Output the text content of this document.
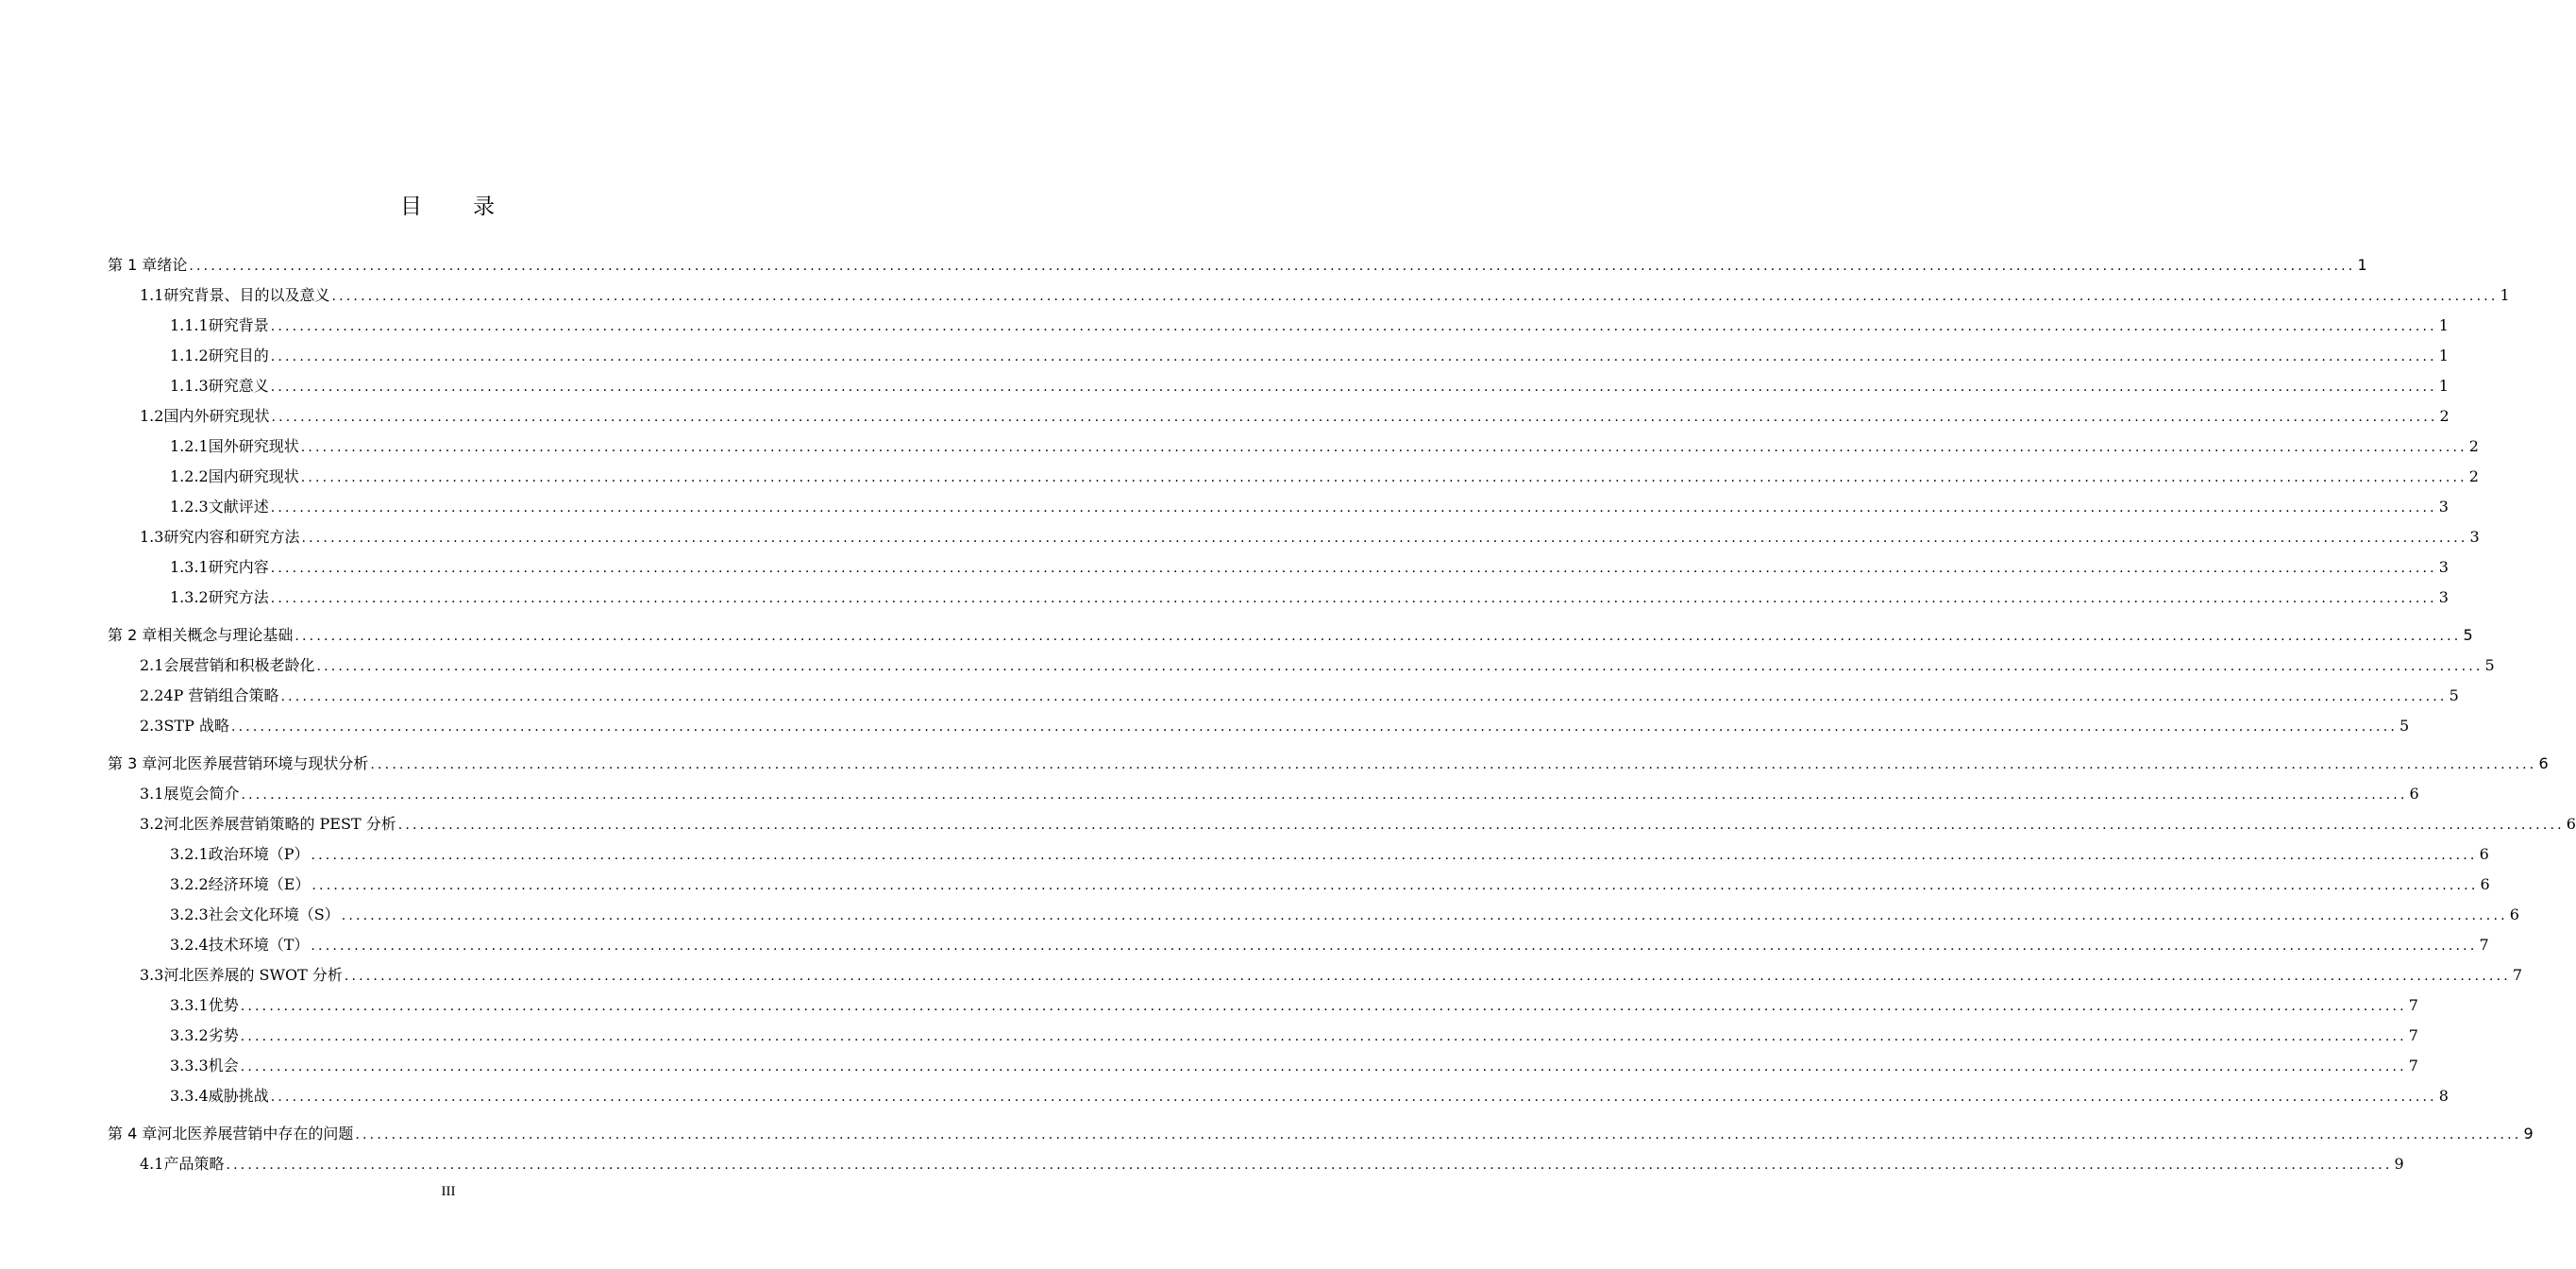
目 录
第 1 章 绪论 ............................................................................................................................................................................................................................................................................................................ 1
1.1 研究背景、目的以及意义 ............................................................................................................................................................................................................................................................................................................ 1
1.1.1 研究背景 ............................................................................................................................................................................................................................................................................................................ 1
1.1.2 研究目的 ............................................................................................................................................................................................................................................................................................................ 1
1.1.3 研究意义 ............................................................................................................................................................................................................................................................................................................ 1
1.2 国内外研究现状 ............................................................................................................................................................................................................................................................................................................ 2
1.2.1 国外研究现状 ............................................................................................................................................................................................................................................................................................................ 2
1.2.2 国内研究现状 ............................................................................................................................................................................................................................................................................................................ 2
1.2.3 文献评述 ............................................................................................................................................................................................................................................................................................................ 3
1.3 研究内容和研究方法 ............................................................................................................................................................................................................................................................................................................ 3
1.3.1 研究内容 ............................................................................................................................................................................................................................................................................................................ 3
1.3.2 研究方法 ............................................................................................................................................................................................................................................................................................................ 3
第 2 章 相关概念与理论基础 ............................................................................................................................................................................................................................................................................................................ 5
2.1 会展营销和积极老龄化 ............................................................................................................................................................................................................................................................................................................ 5
2.2 4P 营销组合策略 ............................................................................................................................................................................................................................................................................................................ 5
2.3 STP 战略 ............................................................................................................................................................................................................................................................................................................ 5
第 3 章 河北医养展营销环境与现状分析 ............................................................................................................................................................................................................................................................................................................ 6
3.1 展览会简介 ............................................................................................................................................................................................................................................................................................................ 6
3.2 河北医养展营销策略的 PEST 分析 ............................................................................................................................................................................................................................................................................................................ 6
3.2.1 政治环境（P） ............................................................................................................................................................................................................................................................................................................ 6
3.2.2 经济环境（E） ............................................................................................................................................................................................................................................................................................................ 6
3.2.3 社会文化环境（S） ............................................................................................................................................................................................................................................................................................................ 6
3.2.4 技术环境（T） ............................................................................................................................................................................................................................................................................................................ 7
3.3 河北医养展的 SWOT 分析 ............................................................................................................................................................................................................................................................................................................ 7
3.3.1 优势 ............................................................................................................................................................................................................................................................................................................ 7
3.3.2 劣势 ............................................................................................................................................................................................................................................................................................................ 7
3.3.3 机会 ............................................................................................................................................................................................................................................................................................................ 7
3.3.4 威胁挑战 ............................................................................................................................................................................................................................................................................................................ 8
第 4 章 河北医养展营销中存在的问题 ............................................................................................................................................................................................................................................................................................................ 9
4.1 产品策略 ............................................................................................................................................................................................................................................................................................................ 9
III
